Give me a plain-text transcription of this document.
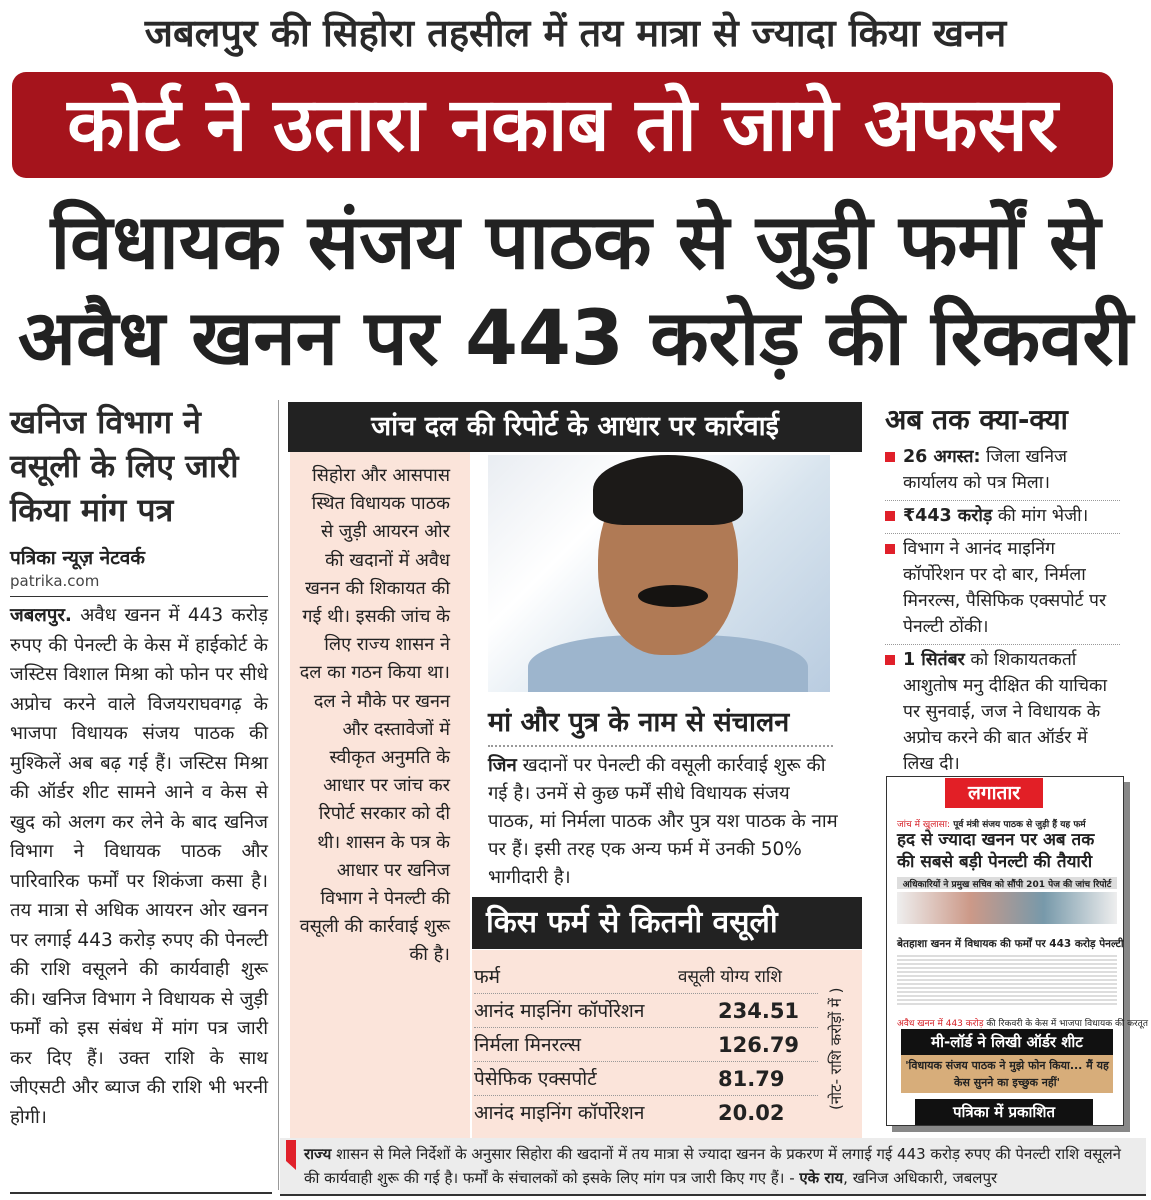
जबलपुर की सिहोरा तहसील में तय मात्रा से ज्यादा किया खनन
कोर्ट ने उतारा नकाब तो जागे अफसर
विधायक संजय पाठक से जुड़ी फर्मों से
अवैध खनन पर 443 करोड़ की रिकवरी
खनिज विभाग ने
वसूली के लिए जारी
किया मांग पत्र
पत्रिका न्यूज़ नेटवर्क
patrika.com
जबलपुर. अवैध खनन में 443 करोड़ रुपए की पेनल्टी के केस में हाईकोर्ट के जस्टिस विशाल मिश्रा को फोन पर सीधे अप्रोच करने वाले विजयराघवगढ़ के भाजपा विधायक संजय पाठक की मुश्किलें अब बढ़ गई हैं। जस्टिस मिश्रा की ऑर्डर शीट सामने आने व केस से खुद को अलग कर लेने के बाद खनिज विभाग ने विधायक पाठक और पारिवारिक फर्मों पर शिकंजा कसा है। तय मात्रा से अधिक आयरन ओर खनन पर लगाई 443 करोड़ रुपए की पेनल्टी की राशि वसूलने की कार्यवाही शुरू की। खनिज विभाग ने विधायक से जुड़ी फर्मों को इस संबंध में मांग पत्र जारी कर दिए हैं। उक्त राशि के साथ जीएसटी और ब्याज की राशि भी भरनी होगी।
जांच दल की रिपोर्ट के आधार पर कार्रवाई
सिहोरा और आसपास स्थित विधायक पाठक से जुड़ी आयरन ओर की खदानों में अवैध खनन की शिकायत की गई थी। इसकी जांच के लिए राज्य शासन ने दल का गठन किया था। दल ने मौके पर खनन और दस्तावेजों में स्वीकृत अनुमति के आधार पर जांच कर रिपोर्ट सरकार को दी थी। शासन के पत्र के आधार पर खनिज विभाग ने पेनल्टी की वसूली की कार्रवाई शुरू की है।
मां और पुत्र के नाम से संचालन
जिन खदानों पर पेनल्टी की वसूली कार्रवाई शुरू की गई है। उनमें से कुछ फर्में सीधे विधायक संजय पाठक, मां निर्मला पाठक और पुत्र यश पाठक के नाम पर हैं। इसी तरह एक अन्य फर्म में उनकी 50% भागीदारी है।
किस फर्म से कितनी वसूली
फर्म	वसूली योग्य राशि
आनंद माइनिंग कॉर्पोरेशन	234.51
निर्मला मिनरल्स	126.79
पेसेफिक एक्सपोर्ट	81.79
आनंद माइनिंग कॉर्पोरेशन	20.02
(नोट- राशि करोड़ों में )
अब तक क्या-क्या
26 अगस्त: जिला खनिज कार्यालय को पत्र मिला।
₹443 करोड़ की मांग भेजी।
विभाग ने आनंद माइनिंग कॉर्पोरेशन पर दो बार, निर्मला मिनरल्स, पैसिफिक एक्सपोर्ट पर पेनल्टी ठोंकी।
1 सितंबर को शिकायतकर्ता आशुतोष मनु दीक्षित की याचिका पर सुनवाई, जज ने विधायक के अप्रोच करने की बात ऑर्डर में लिख दी।
लगातार
जांच में खुलासा: पूर्व मंत्री संजय पाठक से जुड़ी हैं यह फर्म
हद से ज्यादा खनन पर अब तक की सबसे बड़ी पेनल्टी की तैयारी
अधिकारियों ने प्रमुख सचिव को सौंपी 201 पेज की जांच रिपोर्ट
बेतहाशा खनन में विधायक की फर्मों पर 443 करोड़ पेनल्टी
अवैध खनन में 443 करोड़ की रिकवरी के केस में भाजपा विधायक की करतूत
मी-लॉर्ड ने लिखी ऑर्डर शीट
'विधायक संजय पाठक ने मुझे फोन किया... मैं यह केस सुनने का इच्छुक नहीं'
पत्रिका में प्रकाशित
राज्य शासन से मिले निर्देशों के अनुसार सिहोरा की खदानों में तय मात्रा से ज्यादा खनन के प्रकरण में लगाई गई 443 करोड़ रुपए की पेनल्टी राशि वसूलने की कार्यवाही शुरू की गई है। फर्मों के संचालकों को इसके लिए मांग पत्र जारी किए गए हैं। - एके राय, खनिज अधिकारी, जबलपुर
